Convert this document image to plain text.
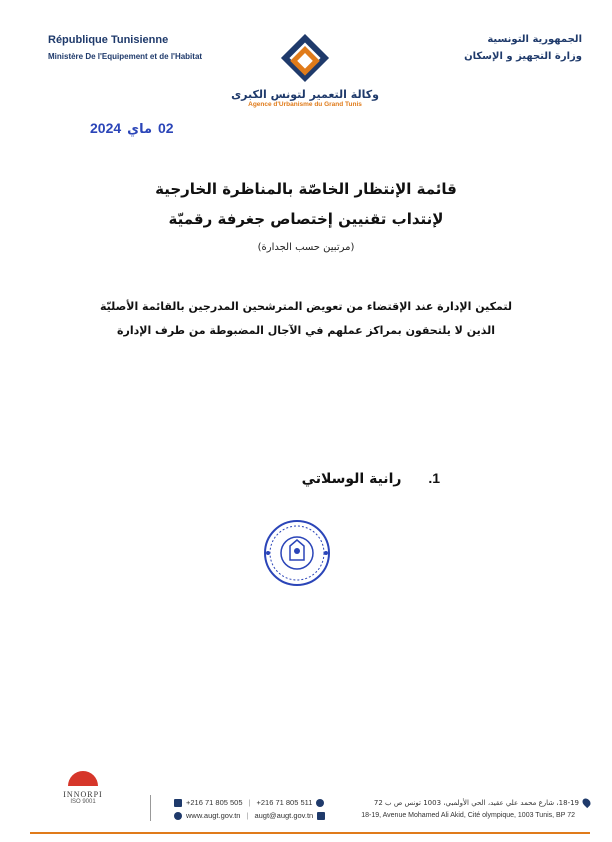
République Tunisienne
Ministère De l'Equipement et de l'Habitat
وكالة التعمير لتونس الكبرى
Agence d'Urbanisme du Grand Tunis
الجمهورية التونسية
وزارة التجهيز و الإسكان
02
ماي
2024
قائمة الإنتظار الخاصّة بالمناظرة الخارجية
لإنتداب تقنيين إختصاص جغرفة رقميّة
(مرتبين حسب الجدارة)
لتمكين الإدارة عند الإقتضاء من تعويض المترشحين المدرجين بالقائمة الأصليّة
الذين لا يلتحقون بمراكز عملهم في الآجال المضبوطة من طرف الإدارة
1. رانية الوسلاتي
INNORPI
ISO 9001	+216 71 805 505 | +216 71 805 511
www.augt.gov.tn | augt@augt.gov.tn
18-19، شارع محمد علي عقيد، الحي الأولمبي، 1003 تونس ص ب 72
18-19, Avenue Mohamed Ali Akid, Cité olympique, 1003 Tunis, BP 72
